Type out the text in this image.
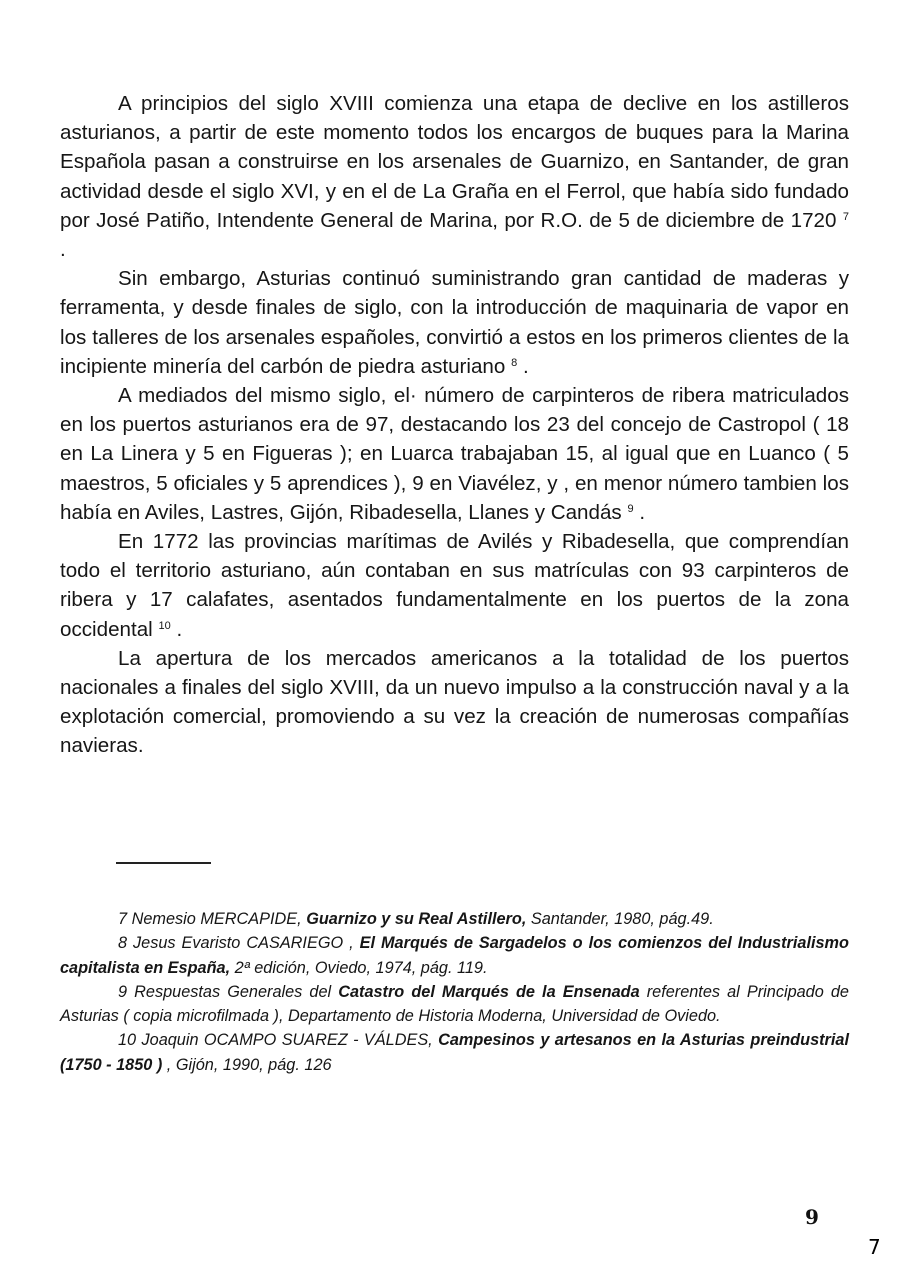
A principios del siglo XVIII comienza una etapa de declive en los astilleros asturianos, a partir de este momento todos los encargos de buques para la Marina Española pasan a construirse en los arsenales de Guarnizo, en Santander, de gran actividad desde el siglo XVI, y en el de La Graña en el Ferrol, que había sido fundado por José Patiño, Intendente General de Marina, por R.O. de 5 de diciembre de 1720 $^7$ .

Sin embargo, Asturias continuó suministrando gran cantidad de maderas y ferramenta, y desde finales de siglo, con la introducción de maquinaria de vapor en los talleres de los arsenales españoles, convirtió a estos en los primeros clientes de la incipiente minería del carbón de piedra asturiano $^8$ .

A mediados del mismo siglo, el· número de carpinteros de ribera matriculados en los puertos asturianos era de 97, destacando los 23 del concejo de Castropol ( 18 en La Linera y 5 en Figueras ); en Luarca trabajaban 15, al igual que en Luanco ( 5 maestros, 5 oficiales y 5 aprendices ), 9 en Viavélez, y , en menor número tambien los había en Aviles, Lastres, Gijón, Ribadesella, Llanes y Candás $^9$ .

En 1772 las provincias marítimas de Avilés y Ribadesella, que comprendían todo el territorio asturiano, aún contaban en sus matrículas con 93 carpinteros de ribera y 17 calafates, asentados fundamentalmente en los puertos de la zona occidental $^{10}$ .

La apertura de los mercados americanos a la totalidad de los puertos nacionales a finales del siglo XVIII, da un nuevo impulso a la construcción naval y a la explotación comercial, promoviendo a su vez la creación de numerosas compañías navieras.

7 Nemesio MERCAPIDE, Guarnizo y su Real Astillero, Santander, 1980, pág.49.

8 Jesus Evaristo CASARIEGO , El Marqués de Sargadelos o los comienzos del Industrialismo capitalista en España, 2ª edición, Oviedo, 1974, pág. 119.

9 Respuestas Generales del Catastro del Marqués de la Ensenada referentes al Principado de Asturias ( copia microfilmada ), Departamento de Historia Moderna, Universidad de Oviedo.

10 Joaquin OCAMPO SUAREZ - VÁLDES, Campesinos y artesanos en la Asturias preindustrial (1750 - 1850 ) , Gijón, 1990, pág. 126

9
7
